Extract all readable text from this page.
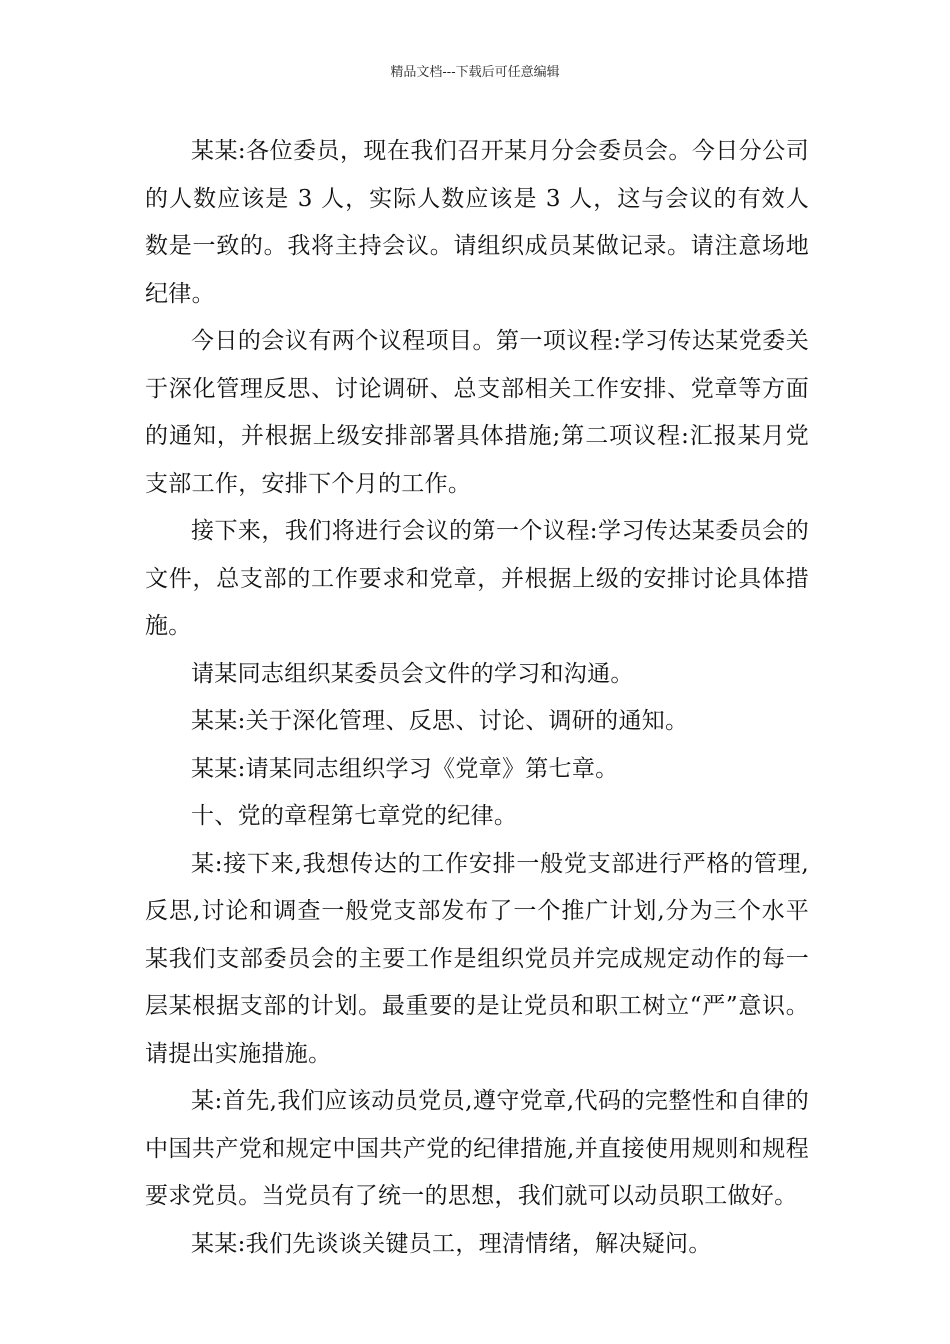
精品文档---下载后可任意编辑

某某:各位委员，现在我们召开某月分会委员会。今日分公司的人数应该是 3 人，实际人数应该是 3 人，这与会议的有效人数是一致的。我将主持会议。请组织成员某做记录。请注意场地纪律。

今日的会议有两个议程项目。第一项议程:学习传达某党委关于深化管理反思、讨论调研、总支部相关工作安排、党章等方面的通知，并根据上级安排部署具体措施;第二项议程:汇报某月党支部工作，安排下个月的工作。

接下来，我们将进行会议的第一个议程:学习传达某委员会的文件，总支部的工作要求和党章，并根据上级的安排讨论具体措施。

请某同志组织某委员会文件的学习和沟通。

某某:关于深化管理、反思、讨论、调研的通知。

某某:请某同志组织学习《党章》第七章。

十、党的章程第七章党的纪律。

某:接下来,我想传达的工作安排一般党支部进行严格的管理,反思,讨论和调查一般党支部发布了一个推广计划,分为三个水平某我们支部委员会的主要工作是组织党员并完成规定动作的每一层某根据支部的计划。最重要的是让党员和职工树立“严”意识。请提出实施措施。

某:首先,我们应该动员党员,遵守党章,代码的完整性和自律的中国共产党和规定中国共产党的纪律措施,并直接使用规则和规程要求党员。当党员有了统一的思想，我们就可以动员职工做好。

某某:我们先谈谈关键员工，理清情绪，解决疑问。
